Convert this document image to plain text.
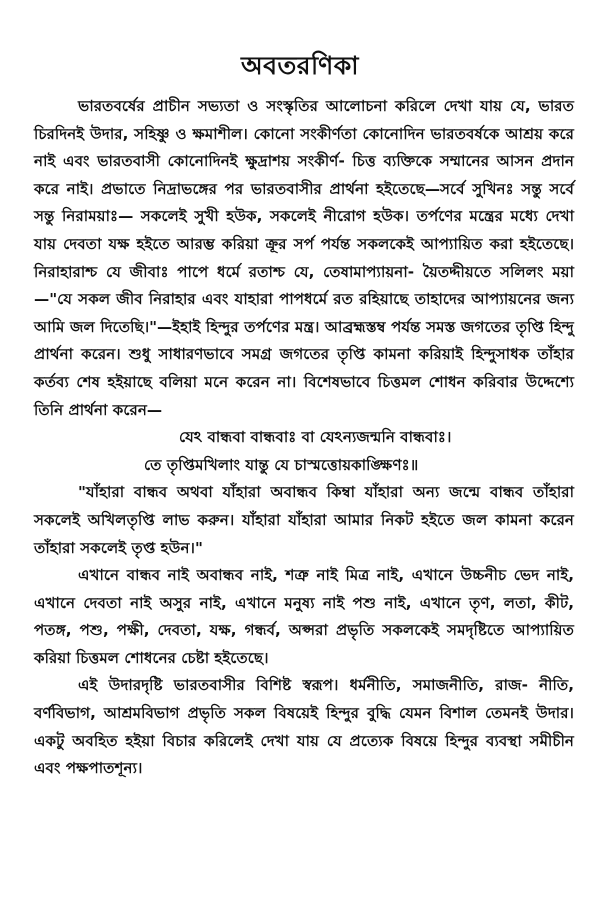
অবতরণিকা

ভারতবর্ষের প্রাচীন সভ্যতা ও সংস্কৃতির আলোচনা করিলে দেখা যায় যে, ভারত চিরদিনই উদার, সহিষ্ণু ও ক্ষমাশীল। কোনো সংকীর্ণতা কোনোদিন ভারতবর্ষকে আশ্রয় করে নাই এবং ভারতবাসী কোনোদিনই ক্ষুদ্রাশয় সংকীর্ণ- চিত্ত ব্যক্তিকে সম্মানের আসন প্রদান করে নাই। প্রভাতে নিদ্রাভঙ্গের পর ভারতবাসীর প্রার্থনা হইতেছে—সর্বে সুখিনঃ সন্তু সর্বে সন্তু নিরাময়াঃ— সকলেই সুখী হউক, সকলেই নীরোগ হউক। তর্পণের মন্ত্রের মধ্যে দেখা যায় দেবতা যক্ষ হইতে আরম্ভ করিয়া ক্রূর সর্প পর্যন্ত সকলকেই আপ্যায়িত করা হইতেছে। নিরাহারাশ্চ যে জীবাঃ পাপে ধর্মে রতাশ্চ যে, তেষামাপ্যায়না- য়ৈতদ্দীয়তে সলিলং ময়া—"যে সকল জীব নিরাহার এবং যাহারা পাপধর্মে রত রহিয়াছে তাহাদের আপ্যায়নের জন্য আমি জল দিতেছি।"—ইহাই হিন্দুর তর্পণের মন্ত্র। আব্রহ্মস্তম্ব পর্যন্ত সমস্ত জগতের তৃপ্তি হিন্দু প্রার্থনা করেন। শুধু সাধারণভাবে সমগ্র জগতের তৃপ্তি কামনা করিয়াই হিন্দুসাধক তাঁহার কর্তব্য শেষ হইয়াছে বলিয়া মনে করেন না। বিশেষভাবে চিত্তমল শোধন করিবার উদ্দেশ্যে তিনি প্রার্থনা করেন—

যেঽ বান্ধবা বান্ধবাঃ বা যেঽন্যজন্মনি বান্ধবাঃ।

তে তৃপ্তিমখিলাং যান্তু যে চাস্মত্তোয়কাঙ্ক্ষিণঃ॥

"যাঁহারা বান্ধব অথবা যাঁহারা অবান্ধব কিম্বা যাঁহারা অন্য জন্মে বান্ধব তাঁহারা সকলেই অখিলতৃপ্তি লাভ করুন। যাঁহারা যাঁহারা আমার নিকট হইতে জল কামনা করেন তাঁহারা সকলেই তৃপ্ত হউন।"

এখানে বান্ধব নাই অবান্ধব নাই, শত্রু নাই মিত্র নাই, এখানে উচ্চনীচ ভেদ নাই, এখানে দেবতা নাই অসুর নাই, এখানে মনুষ্য নাই পশু নাই, এখানে তৃণ, লতা, কীট, পতঙ্গ, পশু, পক্ষী, দেবতা, যক্ষ, গন্ধর্ব, অপ্সরা প্রভৃতি সকলকেই সমদৃষ্টিতে আপ্যায়িত করিয়া চিত্তমল শোধনের চেষ্টা হইতেছে।

এই উদারদৃষ্টি ভারতবাসীর বিশিষ্ট স্বরূপ। ধর্মনীতি, সমাজনীতি, রাজ- নীতি, বর্ণবিভাগ, আশ্রমবিভাগ প্রভৃতি সকল বিষয়েই হিন্দুর বুদ্ধি যেমন বিশাল তেমনই উদার। একটু অবহিত হইয়া বিচার করিলেই দেখা যায় যে প্রত্যেক বিষয়ে হিন্দুর ব্যবস্থা সমীচীন এবং পক্ষপাতশূন্য।
